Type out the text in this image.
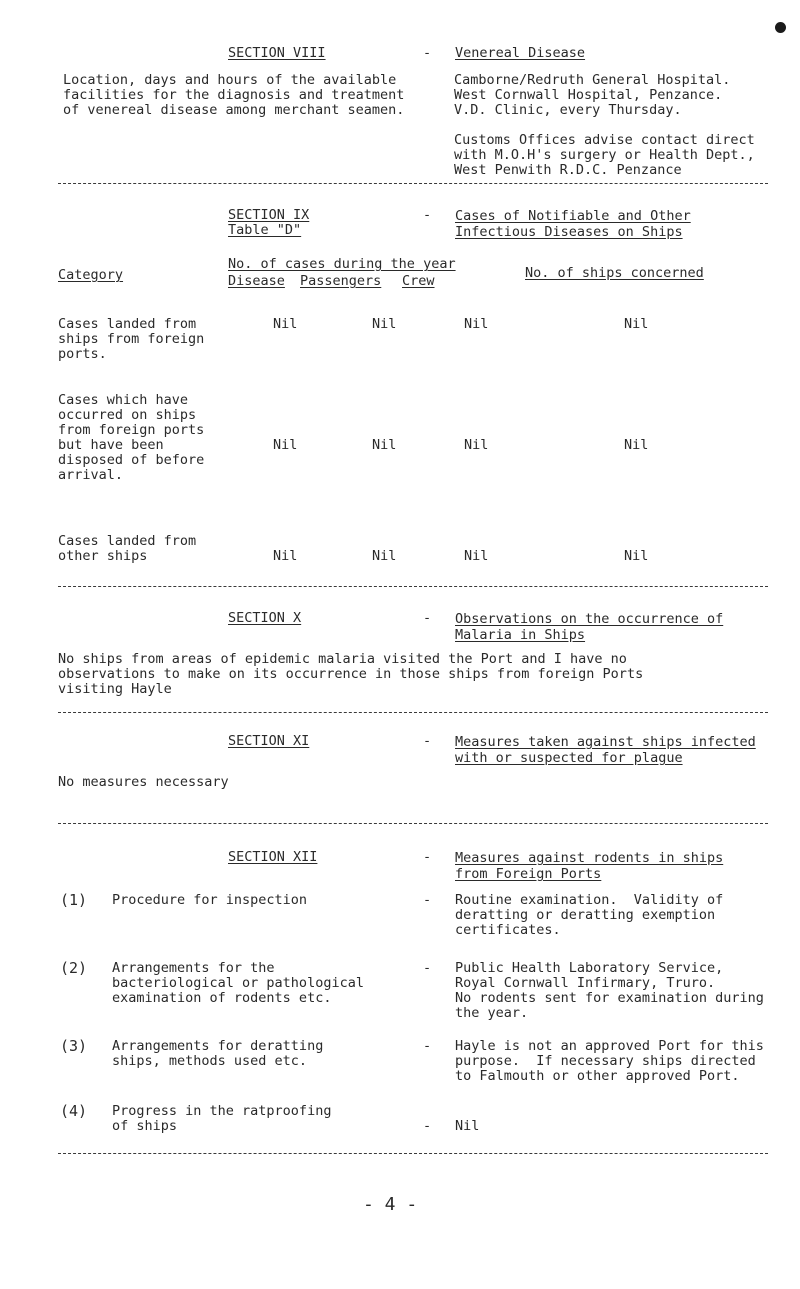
SECTION VIII	- Venereal Disease
Location, days and hours of the available
facilities for the diagnosis and treatment
of venereal disease among merchant seamen.
Camborne/Redruth General Hospital.
West Cornwall Hospital, Penzance.
V.D. Clinic, every Thursday.

Customs Offices advise contact direct
with M.O.H's surgery or Health Dept.,
West Penwith R.D.C. Penzance
SECTION IX
Table "D"
- Cases of Notifiable and Other
Infectious Diseases on Ships
Category
No. of cases during the year
Disease Passengers Crew	No. of ships concerned
Cases landed from
ships from foreign
ports.
Nil	Nil	Nil	Nil
Cases which have
occurred on ships
from foreign ports
but have been
disposed of before
arrival.
Nil	Nil	Nil	Nil
Cases landed from
other ships	Nil	Nil	Nil	Nil
SECTION X	- Observations on the occurrence of
Malaria in Ships
No ships from areas of epidemic malaria visited the Port and I have no
observations to make on its occurrence in those ships from foreign Ports
visiting Hayle
SECTION XI	- Measures taken against ships infected
with or suspected for plague
No measures necessary
SECTION XII	- Measures against rodents in ships
from Foreign Ports
(1) Procedure for inspection	- Routine examination.  Validity of
deratting or deratting exemption
certificates.
(2) Arrangements for the
bacteriological or pathological
examination of rodents etc.
- Public Health Laboratory Service,
Royal Cornwall Infirmary, Truro.
No rodents sent for examination during
the year.
(3) Arrangements for deratting
ships, methods used etc.
- Hayle is not an approved Port for this
purpose.  If necessary ships directed
to Falmouth or other approved Port.
(4) Progress in the ratproofing
of ships	- Nil
- 4 -
